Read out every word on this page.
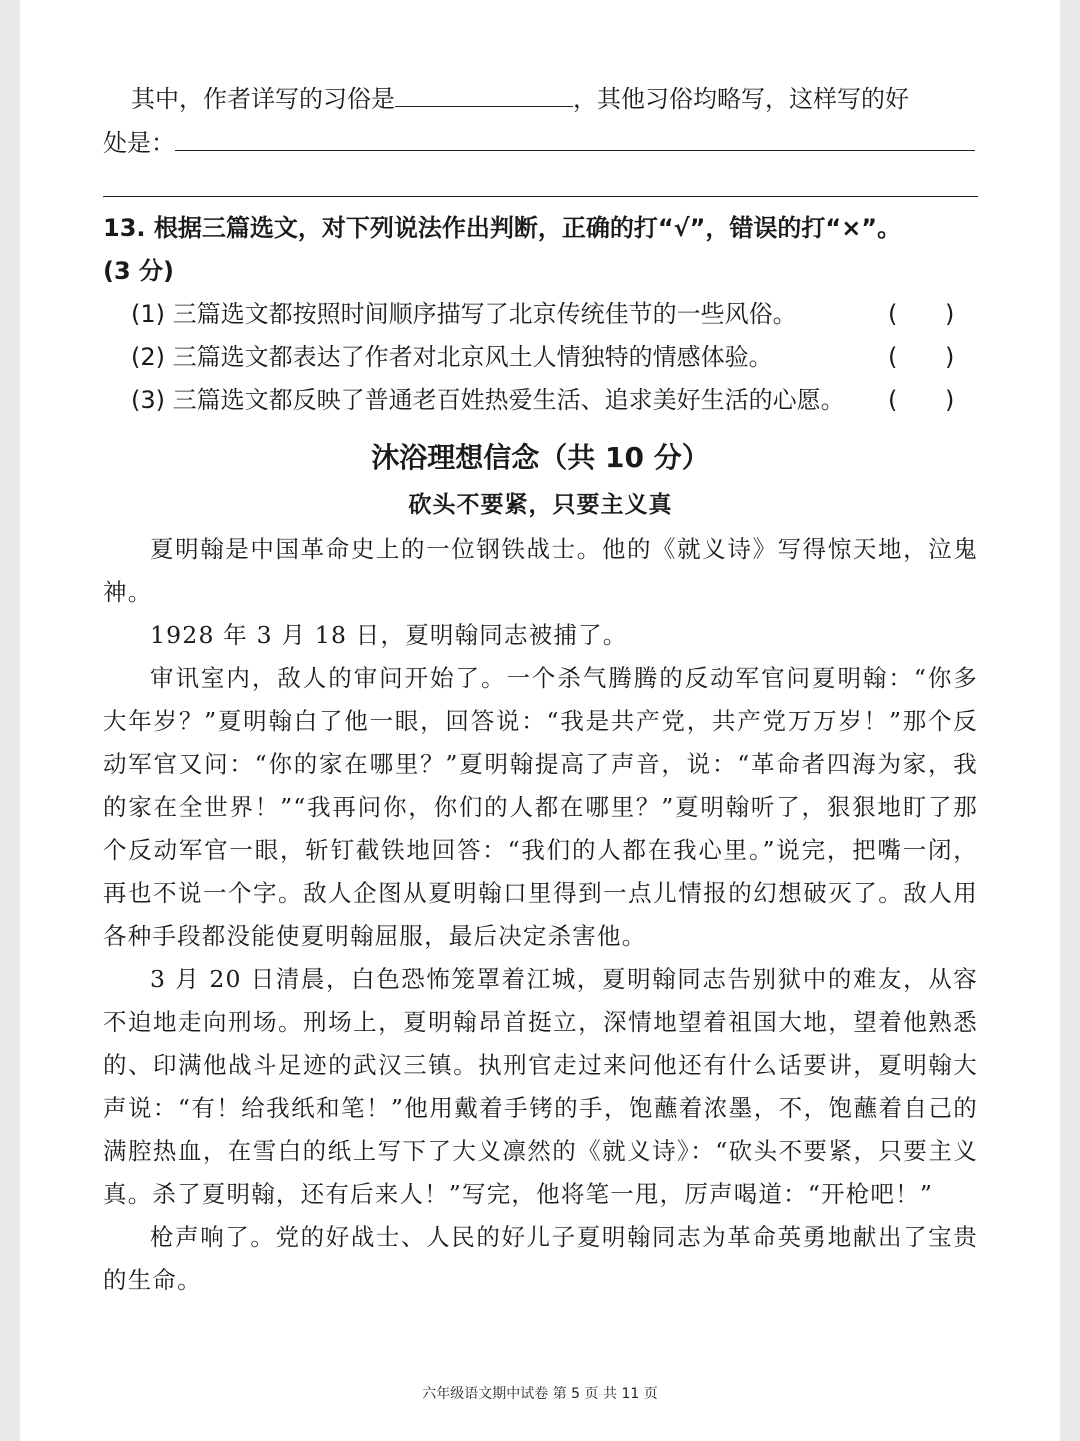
其中，作者详写的习俗是	，其他习俗均略写，这样写的好
处是：
13. 根据三篇选文，对下列说法作出判断，正确的打“√”，错误的打“×”。
(3 分)
(1) 三篇选文都按照时间顺序描写了北京传统佳节的一些风俗。	( )
(2) 三篇选文都表达了作者对北京风土人情独特的情感体验。	( )
(3) 三篇选文都反映了普通老百姓热爱生活、追求美好生活的心愿。 ( )
沐浴理想信念（共 10 分）
砍头不要紧，只要主义真

夏明翰是中国革命史上的一位钢铁战士。他的《就义诗》写得惊天地，泣鬼神。

1928 年 3 月 18 日，夏明翰同志被捕了。

审讯室内，敌人的审问开始了。一个杀气腾腾的反动军官问夏明翰：“你多大年岁？”夏明翰白了他一眼，回答说：“我是共产党，共产党万万岁！”那个反动军官又问：“你的家在哪里？”夏明翰提高了声音，说：“革命者四海为家，我的家在全世界！”“我再问你，你们的人都在哪里？”夏明翰听了，狠狠地盯了那个反动军官一眼，斩钉截铁地回答：“我们的人都在我心里。”说完，把嘴一闭，再也不说一个字。敌人企图从夏明翰口里得到一点儿情报的幻想破灭了。敌人用各种手段都没能使夏明翰屈服，最后决定杀害他。

3 月 20 日清晨，白色恐怖笼罩着江城，夏明翰同志告别狱中的难友，从容不迫地走向刑场。刑场上，夏明翰昂首挺立，深情地望着祖国大地，望着他熟悉的、印满他战斗足迹的武汉三镇。执刑官走过来问他还有什么话要讲，夏明翰大声说：“有！给我纸和笔！”他用戴着手铐的手，饱蘸着浓墨，不，饱蘸着自己的满腔热血，在雪白的纸上写下了大义凛然的《就义诗》：“砍头不要紧，只要主义真。杀了夏明翰，还有后来人！”写完，他将笔一甩，厉声喝道：“开枪吧！”

枪声响了。党的好战士、人民的好儿子夏明翰同志为革命英勇地献出了宝贵的生命。

六年级语文期中试卷 第 5 页 共 11 页
